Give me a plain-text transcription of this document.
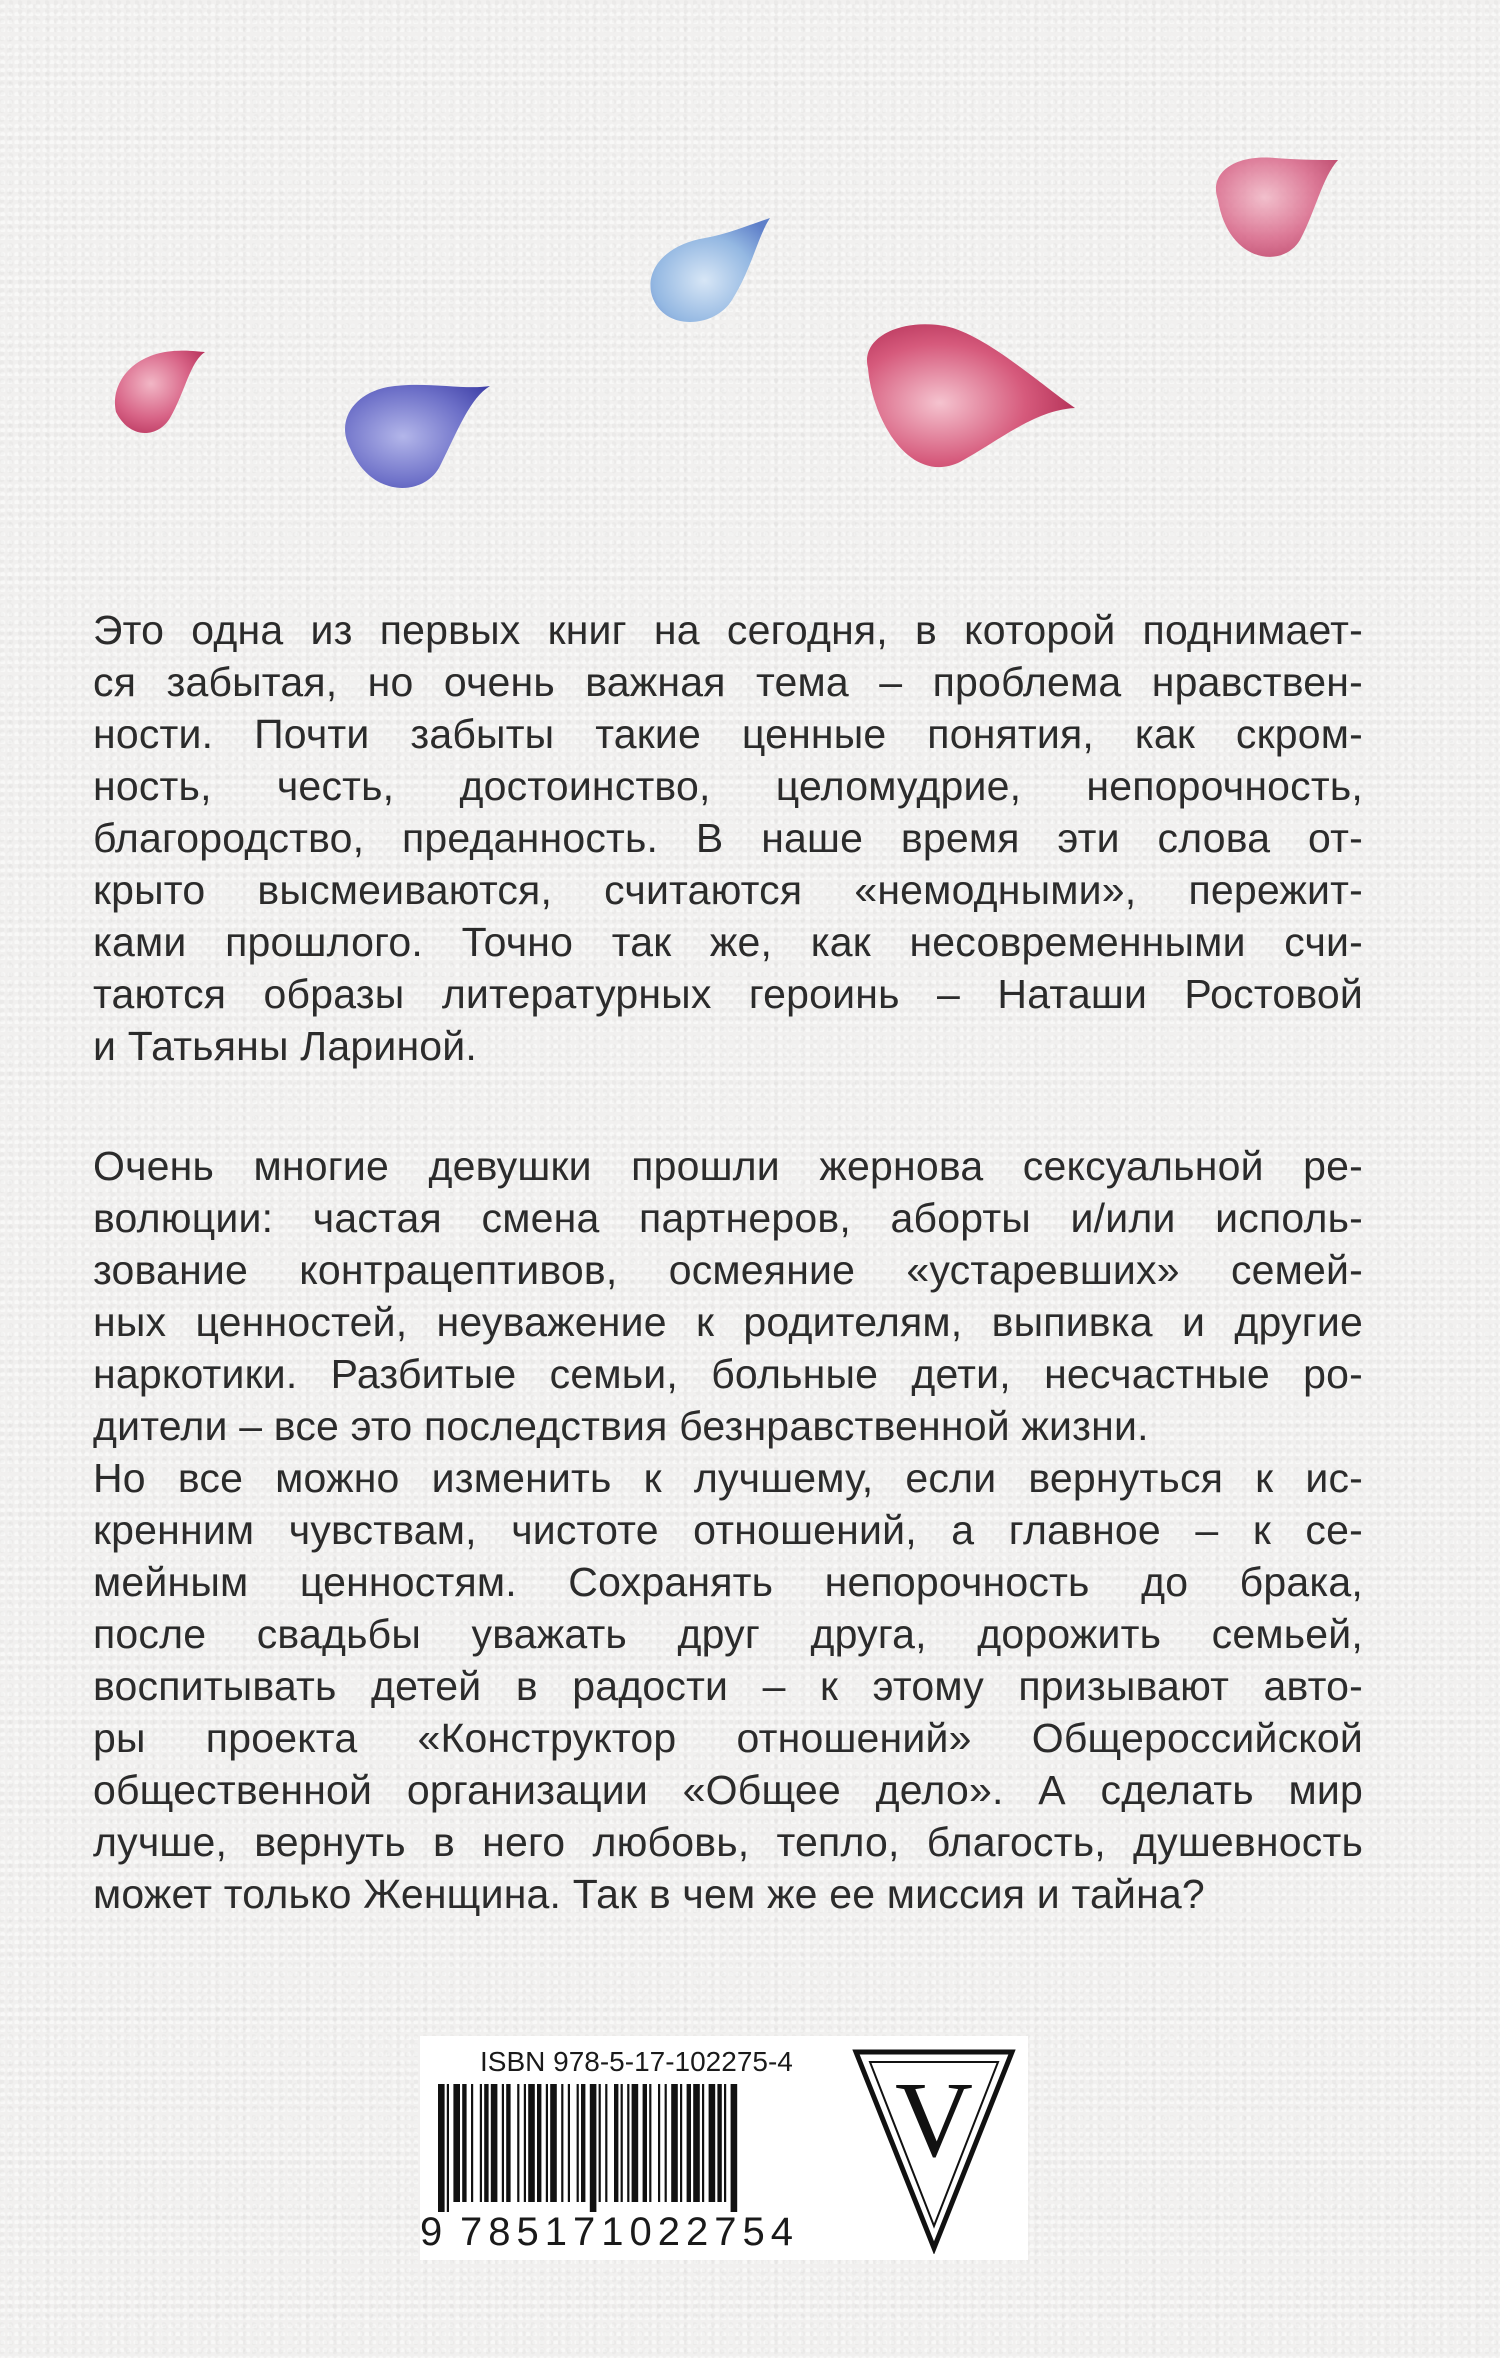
Это одна из первых книг на сегодня, в которой поднимает-
ся забытая, но очень важная тема – проблема нравствен-
ности. Почти забыты такие ценные понятия, как скром-
ность, честь, достоинство, целомудрие, непорочность,
благородство, преданность. В наше время эти слова от-
крыто высмеиваются, считаются «немодными», пережит-
ками прошлого. Точно так же, как несовременными счи-
таются образы литературных героинь – Наташи Ростовой
и Татьяны Лариной.
Очень многие девушки прошли жернова сексуальной ре-
волюции: частая смена партнеров, аборты и/или исполь-
зование контрацептивов, осмеяние «устаревших» семей-
ных ценностей, неуважение к родителям, выпивка и другие
наркотики. Разбитые семьи, больные дети, несчастные ро-
дители – все это последствия безнравственной жизни.
Но все можно изменить к лучшему, если вернуться к ис-
кренним чувствам, чистоте отношений, а главное – к се-
мейным ценностям. Сохранять непорочность до брака,
после свадьбы уважать друг друга, дорожить семьей,
воспитывать детей в радости – к этому призывают авто-
ры проекта «Конструктор отношений» Общероссийской
общественной организации «Общее дело». А сделать мир
лучше, вернуть в него любовь, тепло, благость, душевность
может только Женщина. Так в чем же ее миссия и тайна?
ISBN 978-5-17-102275-4
9 785171022754
V
